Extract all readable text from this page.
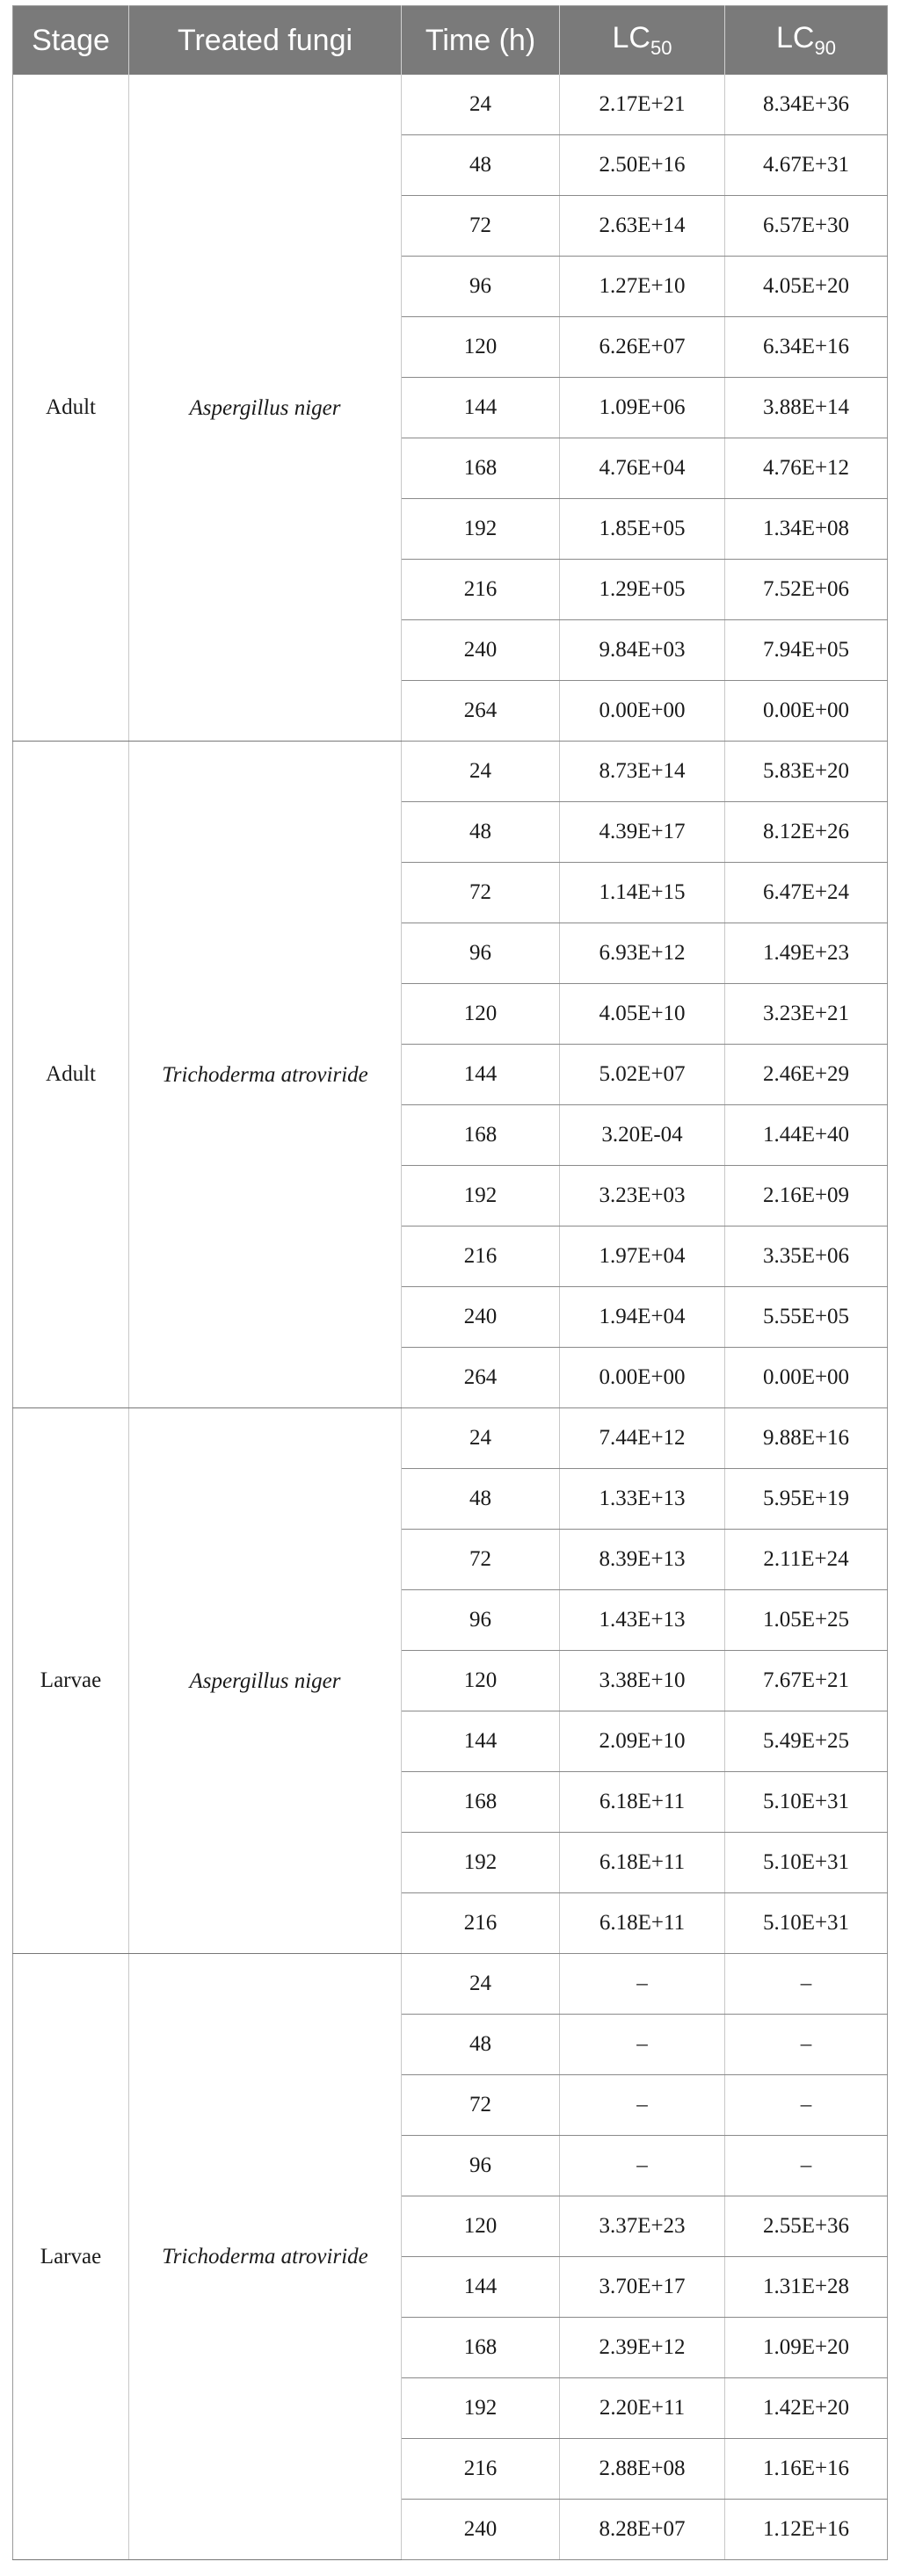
Stage	Treated fungi	Time (h)	$LC_{50}$	$LC_{90}$
Adult	Aspergillus niger	24	2.17E+21	8.34E+36
		48	2.50E+16	4.67E+31
		72	2.63E+14	6.57E+30
		96	1.27E+10	4.05E+20
		120	6.26E+07	6.34E+16
		144	1.09E+06	3.88E+14
		168	4.76E+04	4.76E+12
		192	1.85E+05	1.34E+08
		216	1.29E+05	7.52E+06
		240	9.84E+03	7.94E+05
		264	0.00E+00	0.00E+00
Adult	Trichoderma atroviride	24	8.73E+14	5.83E+20
		48	4.39E+17	8.12E+26
		72	1.14E+15	6.47E+24
		96	6.93E+12	1.49E+23
		120	4.05E+10	3.23E+21
		144	5.02E+07	2.46E+29
		168	3.20E-04	1.44E+40
		192	3.23E+03	2.16E+09
		216	1.97E+04	3.35E+06
		240	1.94E+04	5.55E+05
		264	0.00E+00	0.00E+00
Larvae	Aspergillus niger	24	7.44E+12	9.88E+16
		48	1.33E+13	5.95E+19
		72	8.39E+13	2.11E+24
		96	1.43E+13	1.05E+25
		120	3.38E+10	7.67E+21
		144	2.09E+10	5.49E+25
		168	6.18E+11	5.10E+31
		192	6.18E+11	5.10E+31
		216	6.18E+11	5.10E+31
Larvae	Trichoderma atroviride	24	–	–
		48	–	–
		72	–	–
		96	–	–
		120	3.37E+23	2.55E+36
		144	3.70E+17	1.31E+28
		168	2.39E+12	1.09E+20
		192	2.20E+11	1.42E+20
		216	2.88E+08	1.16E+16
		240	8.28E+07	1.12E+16
